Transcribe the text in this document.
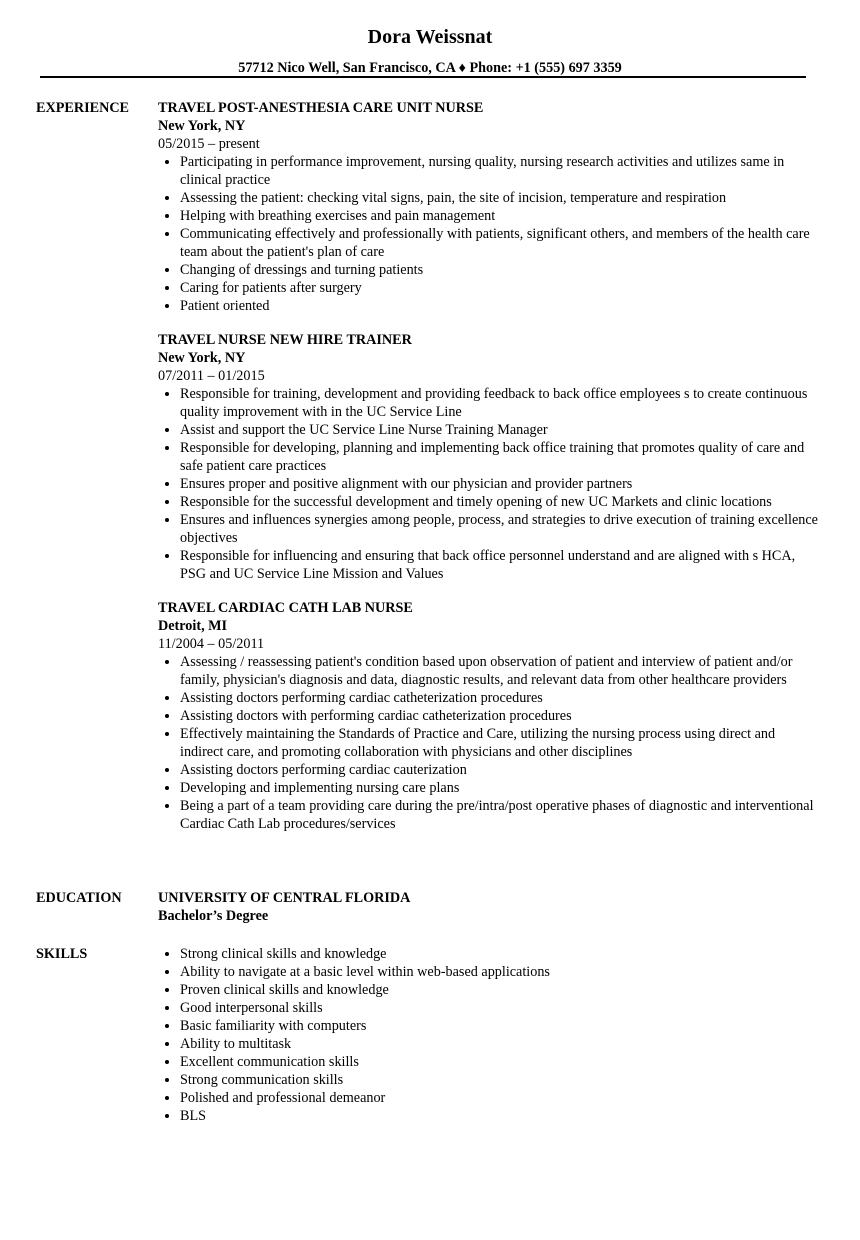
Dora Weissnat
57712 Nico Well, San Francisco, CA ♦ Phone: +1 (555) 697 3359
EXPERIENCE TRAVEL POST-ANESTHESIA CARE UNIT NURSE
New York, NY
05/2015 – present
Participating in performance improvement, nursing quality, nursing research activities and utilizes same in clinical practice
Assessing the patient: checking vital signs, pain, the site of incision, temperature and respiration
Helping with breathing exercises and pain management
Communicating effectively and professionally with patients, significant others, and members of the health care team about the patient's plan of care
Changing of dressings and turning patients
Caring for patients after surgery
Patient oriented
TRAVEL NURSE NEW HIRE TRAINER
New York, NY
07/2011 – 01/2015
Responsible for training, development and providing feedback to back office employees s to create continuous quality improvement with in the UC Service Line
Assist and support the UC Service Line Nurse Training Manager
Responsible for developing, planning and implementing back office training that promotes quality of care and safe patient care practices
Ensures proper and positive alignment with our physician and provider partners
Responsible for the successful development and timely opening of new UC Markets and clinic locations
Ensures and influences synergies among people, process, and strategies to drive execution of training excellence objectives
Responsible for influencing and ensuring that back office personnel understand and are aligned with s HCA, PSG and UC Service Line Mission and Values
TRAVEL CARDIAC CATH LAB NURSE
Detroit, MI
11/2004 – 05/2011
Assessing / reassessing patient's condition based upon observation of patient and interview of patient and/or family, physician's diagnosis and data, diagnostic results, and relevant data from other healthcare providers
Assisting doctors performing cardiac catheterization procedures
Assisting doctors with performing cardiac catheterization procedures
Effectively maintaining the Standards of Practice and Care, utilizing the nursing process using direct and indirect care, and promoting collaboration with physicians and other disciplines
Assisting doctors performing cardiac cauterization
Developing and implementing nursing care plans
Being a part of a team providing care during the pre/intra/post operative phases of diagnostic and interventional Cardiac Cath Lab procedures/services
EDUCATION	UNIVERSITY OF CENTRAL FLORIDA
Bachelor’s Degree
SKILLS	Strong clinical skills and knowledge
Ability to navigate at a basic level within web-based applications
Proven clinical skills and knowledge
Good interpersonal skills
Basic familiarity with computers
Ability to multitask
Excellent communication skills
Strong communication skills
Polished and professional demeanor
BLS
